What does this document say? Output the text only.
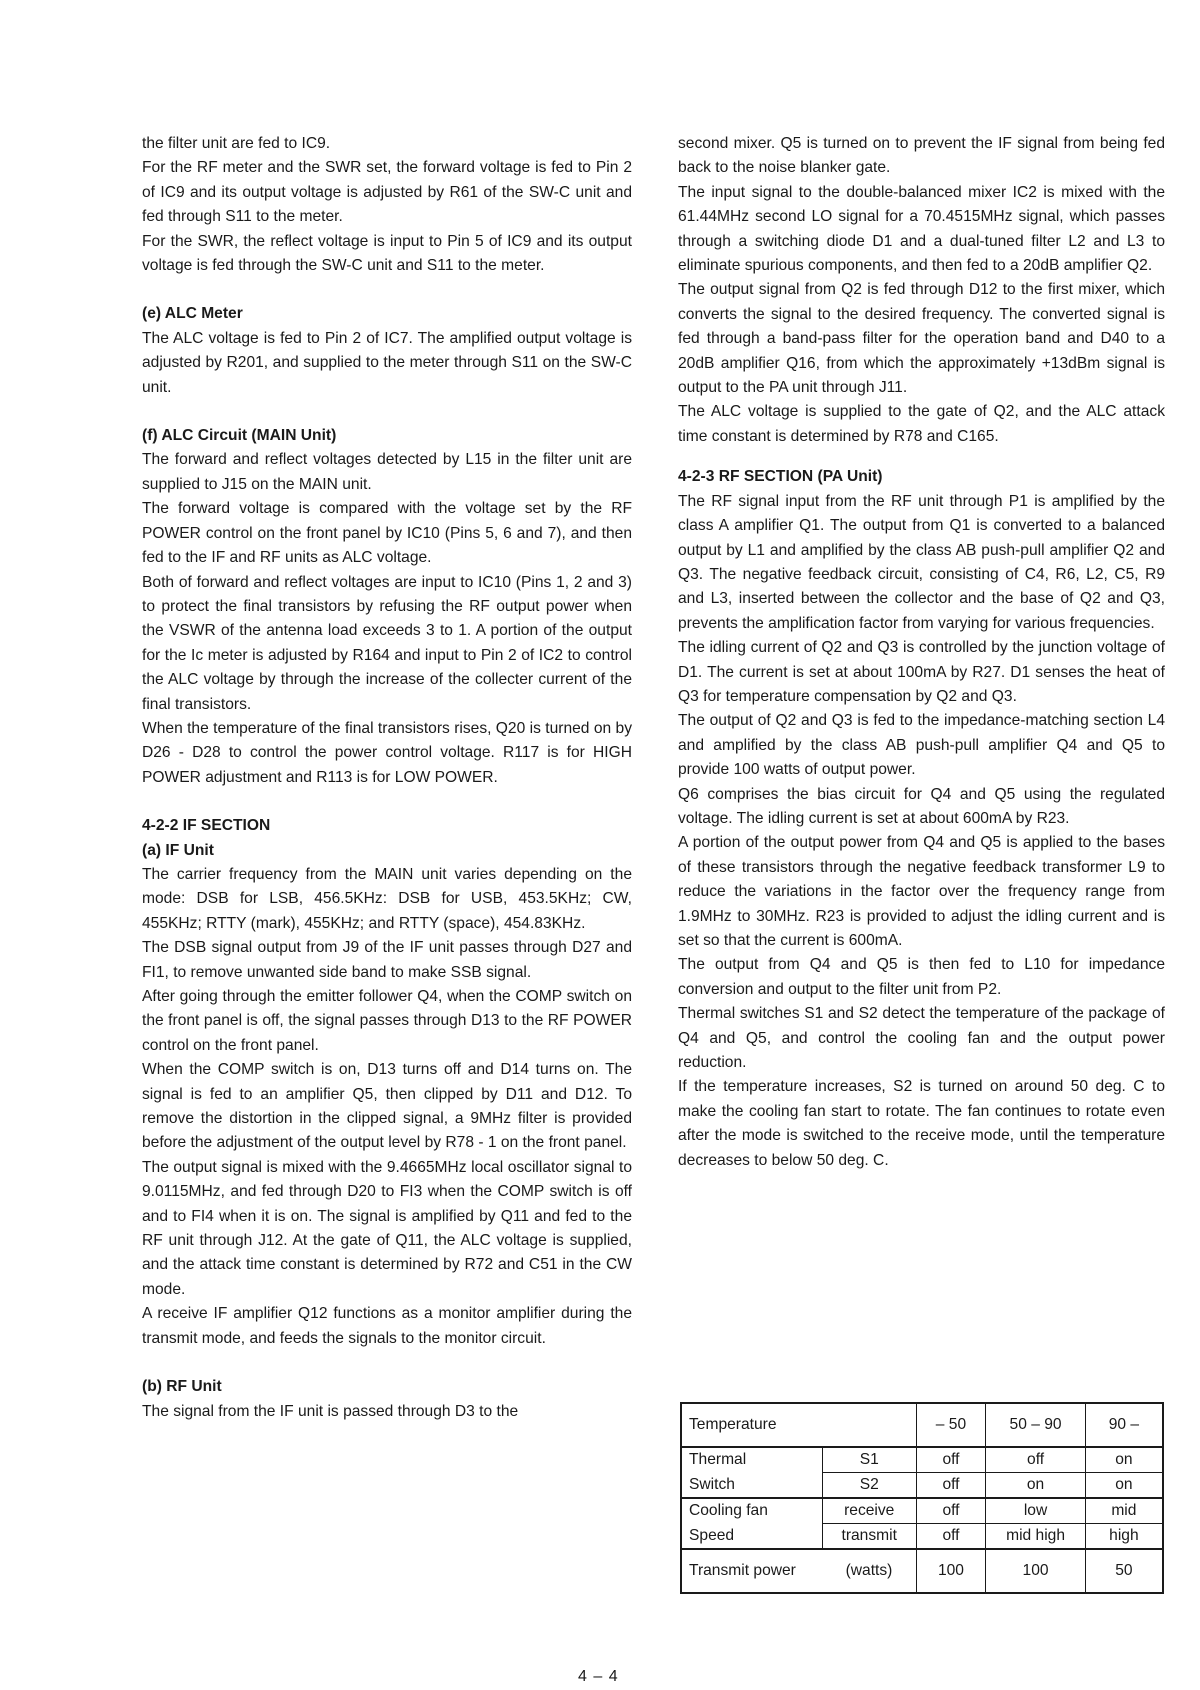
the filter unit are fed to IC9.

For the RF meter and the SWR set, the forward voltage is fed to Pin 2 of IC9 and its output voltage is adjusted by R61 of the SW-C unit and fed through S11 to the meter.

For the SWR, the reflect voltage is input to Pin 5 of IC9 and its output voltage is fed through the SW-C unit and S11 to the meter.

(e) ALC Meter

The ALC voltage is fed to Pin 2 of IC7. The amplified output voltage is adjusted by R201, and supplied to the meter through S11 on the SW-C unit.

(f) ALC Circuit (MAIN Unit)

The forward and reflect voltages detected by L15 in the filter unit are supplied to J15 on the MAIN unit.

The forward voltage is compared with the voltage set by the RF POWER control on the front panel by IC10 (Pins 5, 6 and 7), and then fed to the IF and RF units as ALC voltage.

Both of forward and reflect voltages are input to IC10 (Pins 1, 2 and 3) to protect the final transistors by refusing the RF output power when the VSWR of the antenna load exceeds 3 to 1. A portion of the output for the Ic meter is adjusted by R164 and input to Pin 2 of IC2 to control the ALC voltage by through the increase of the collecter current of the final transistors.

When the temperature of the final transistors rises, Q20 is turned on by D26 - D28 to control the power control voltage. R117 is for HIGH POWER adjustment and R113 is for LOW POWER.

4-2-2 IF SECTION
(a) IF Unit

The carrier frequency from the MAIN unit varies depending on the mode: DSB for LSB, 456.5KHz: DSB for USB, 453.5KHz; CW, 455KHz; RTTY (mark), 455KHz; and RTTY (space), 454.83KHz.

The DSB signal output from J9 of the IF unit passes through D27 and FI1, to remove unwanted side band to make SSB signal.

After going through the emitter follower Q4, when the COMP switch on the front panel is off, the signal passes through D13 to the RF POWER control on the front panel.

When the COMP switch is on, D13 turns off and D14 turns on. The signal is fed to an amplifier Q5, then clipped by D11 and D12. To remove the distortion in the clipped signal, a 9MHz filter is provided before the adjustment of the output level by R78 - 1 on the front panel.

The output signal is mixed with the 9.4665MHz local oscillator signal to 9.0115MHz, and fed through D20 to FI3 when the COMP switch is off and to FI4 when it is on. The signal is amplified by Q11 and fed to the RF unit through J12. At the gate of Q11, the ALC voltage is supplied, and the attack time constant is determined by R72 and C51 in the CW mode.

A receive IF amplifier Q12 functions as a monitor amplifier during the transmit mode, and feeds the signals to the monitor circuit.

(b) RF Unit

The signal from the IF unit is passed through D3 to the

second mixer. Q5 is turned on to prevent the IF signal from being fed back to the noise blanker gate.

The input signal to the double-balanced mixer IC2 is mixed with the 61.44MHz second LO signal for a 70.4515MHz signal, which passes through a switching diode D1 and a dual-tuned filter L2 and L3 to eliminate spurious components, and then fed to a 20dB amplifier Q2.

The output signal from Q2 is fed through D12 to the first mixer, which converts the signal to the desired frequency. The converted signal is fed through a band-pass filter for the operation band and D40 to a 20dB amplifier Q16, from which the approximately +13dBm signal is output to the PA unit through J11.

The ALC voltage is supplied to the gate of Q2, and the ALC attack time constant is determined by R78 and C165.

4-2-3 RF SECTION (PA Unit)

The RF signal input from the RF unit through P1 is amplified by the class A amplifier Q1. The output from Q1 is converted to a balanced output by L1 and amplified by the class AB push-pull amplifier Q2 and Q3. The negative feedback circuit, consisting of C4, R6, L2, C5, R9 and L3, inserted between the collector and the base of Q2 and Q3, prevents the amplification factor from varying for various frequencies.

The idling current of Q2 and Q3 is controlled by the junction voltage of D1. The current is set at about 100mA by R27. D1 senses the heat of Q3 for temperature compensation by Q2 and Q3.

The output of Q2 and Q3 is fed to the impedance-matching section L4 and amplified by the class AB push-pull amplifier Q4 and Q5 to provide 100 watts of output power.

Q6 comprises the bias circuit for Q4 and Q5 using the regulated voltage. The idling current is set at about 600mA by R23.

A portion of the output power from Q4 and Q5 is applied to the bases of these transistors through the negative feedback transformer L9 to reduce the variations in the factor over the frequency range from 1.9MHz to 30MHz. R23 is provided to adjust the idling current and is set so that the current is 600mA.

The output from Q4 and Q5 is then fed to L10 for impedance conversion and output to the filter unit from P2.

Thermal switches S1 and S2 detect the temperature of the package of Q4 and Q5, and control the cooling fan and the output power reduction.

If the temperature increases, S2 is turned on around 50 deg. C to make the cooling fan start to rotate. The fan continues to rotate even after the mode is switched to the receive mode, until the temperature decreases to below 50 deg. C.

Temperature		– 50	50 – 90	90 –
Thermal	S1	off	off	on
Switch	S2	off	on	on
Cooling fan	receive	off	low	mid
Speed	transmit	off	mid high	high
Transmit power	(watts)	100	100	50
4 – 4
